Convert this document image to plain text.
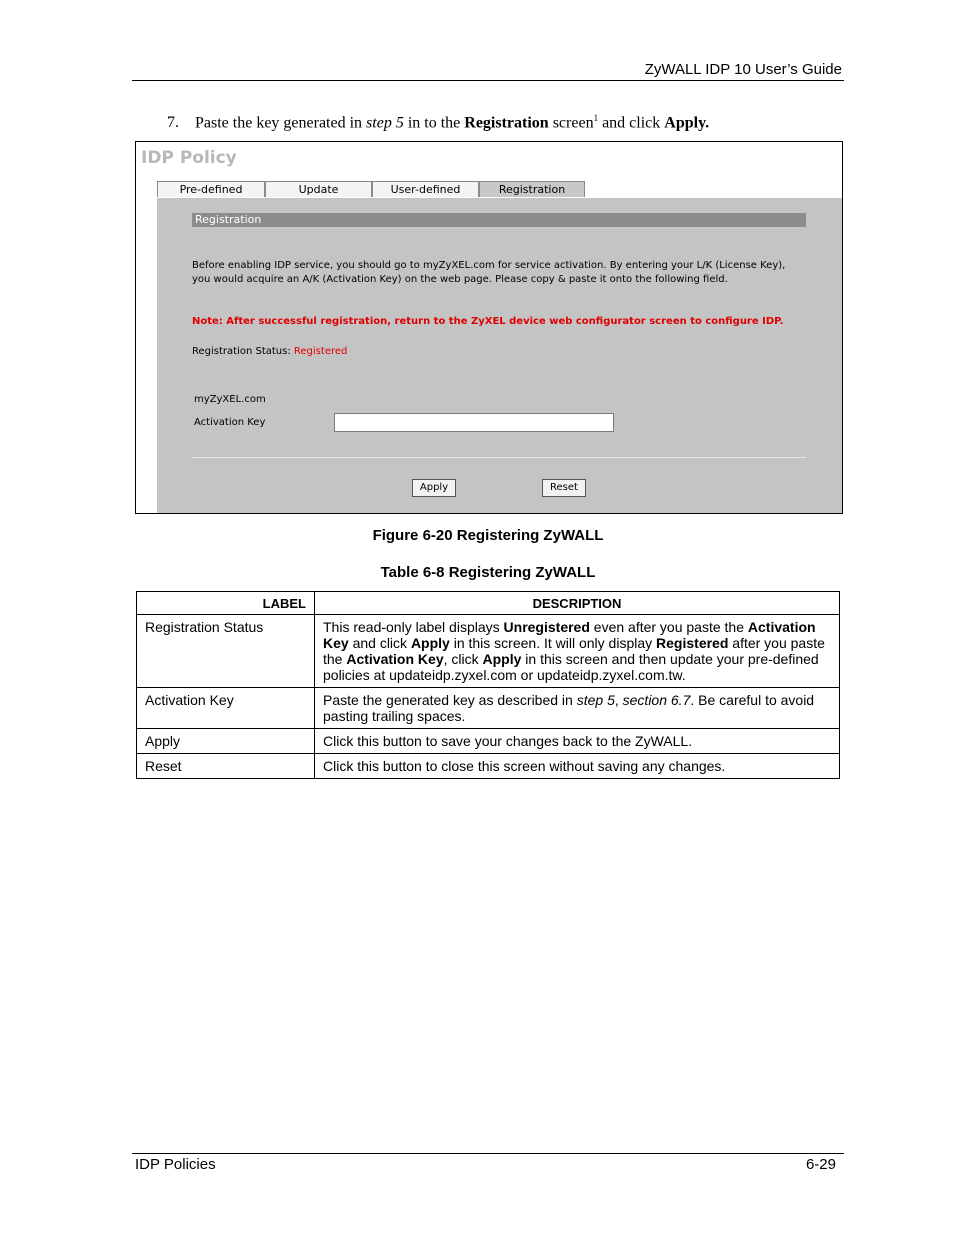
ZyWALL IDP 10 User’s Guide
7. Paste the key generated in step 5 in to the Registration screen$^1$ and click Apply.
IDP Policy
Pre-defined	Update	User-defined	Registration
Registration
Before enabling IDP service, you should go to myZyXEL.com for service activation. By entering your L/K (License Key), you would acquire an A/K (Activation Key) on the web page. Please copy & paste it onto the following field.
Note: After successful registration, return to the ZyXEL device web configurator screen to configure IDP.
Registration Status: Registered
myZyXEL.com
Activation Key
Apply	Reset
Figure 6-20 Registering ZyWALL
Table 6-8 Registering ZyWALL
LABEL	DESCRIPTION
Registration Status	This read-only label displays Unregistered even after you paste the Activation Key and click Apply in this screen. It will only display Registered after you paste the Activation Key, click Apply in this screen and then update your pre-defined policies at updateidp.zyxel.com or updateidp.zyxel.com.tw.
Activation Key	Paste the generated key as described in step 5, section 6.7. Be careful to avoid pasting trailing spaces.
Apply	Click this button to save your changes back to the ZyWALL.
Reset	Click this button to close this screen without saving any changes.
IDP Policies	6-29
